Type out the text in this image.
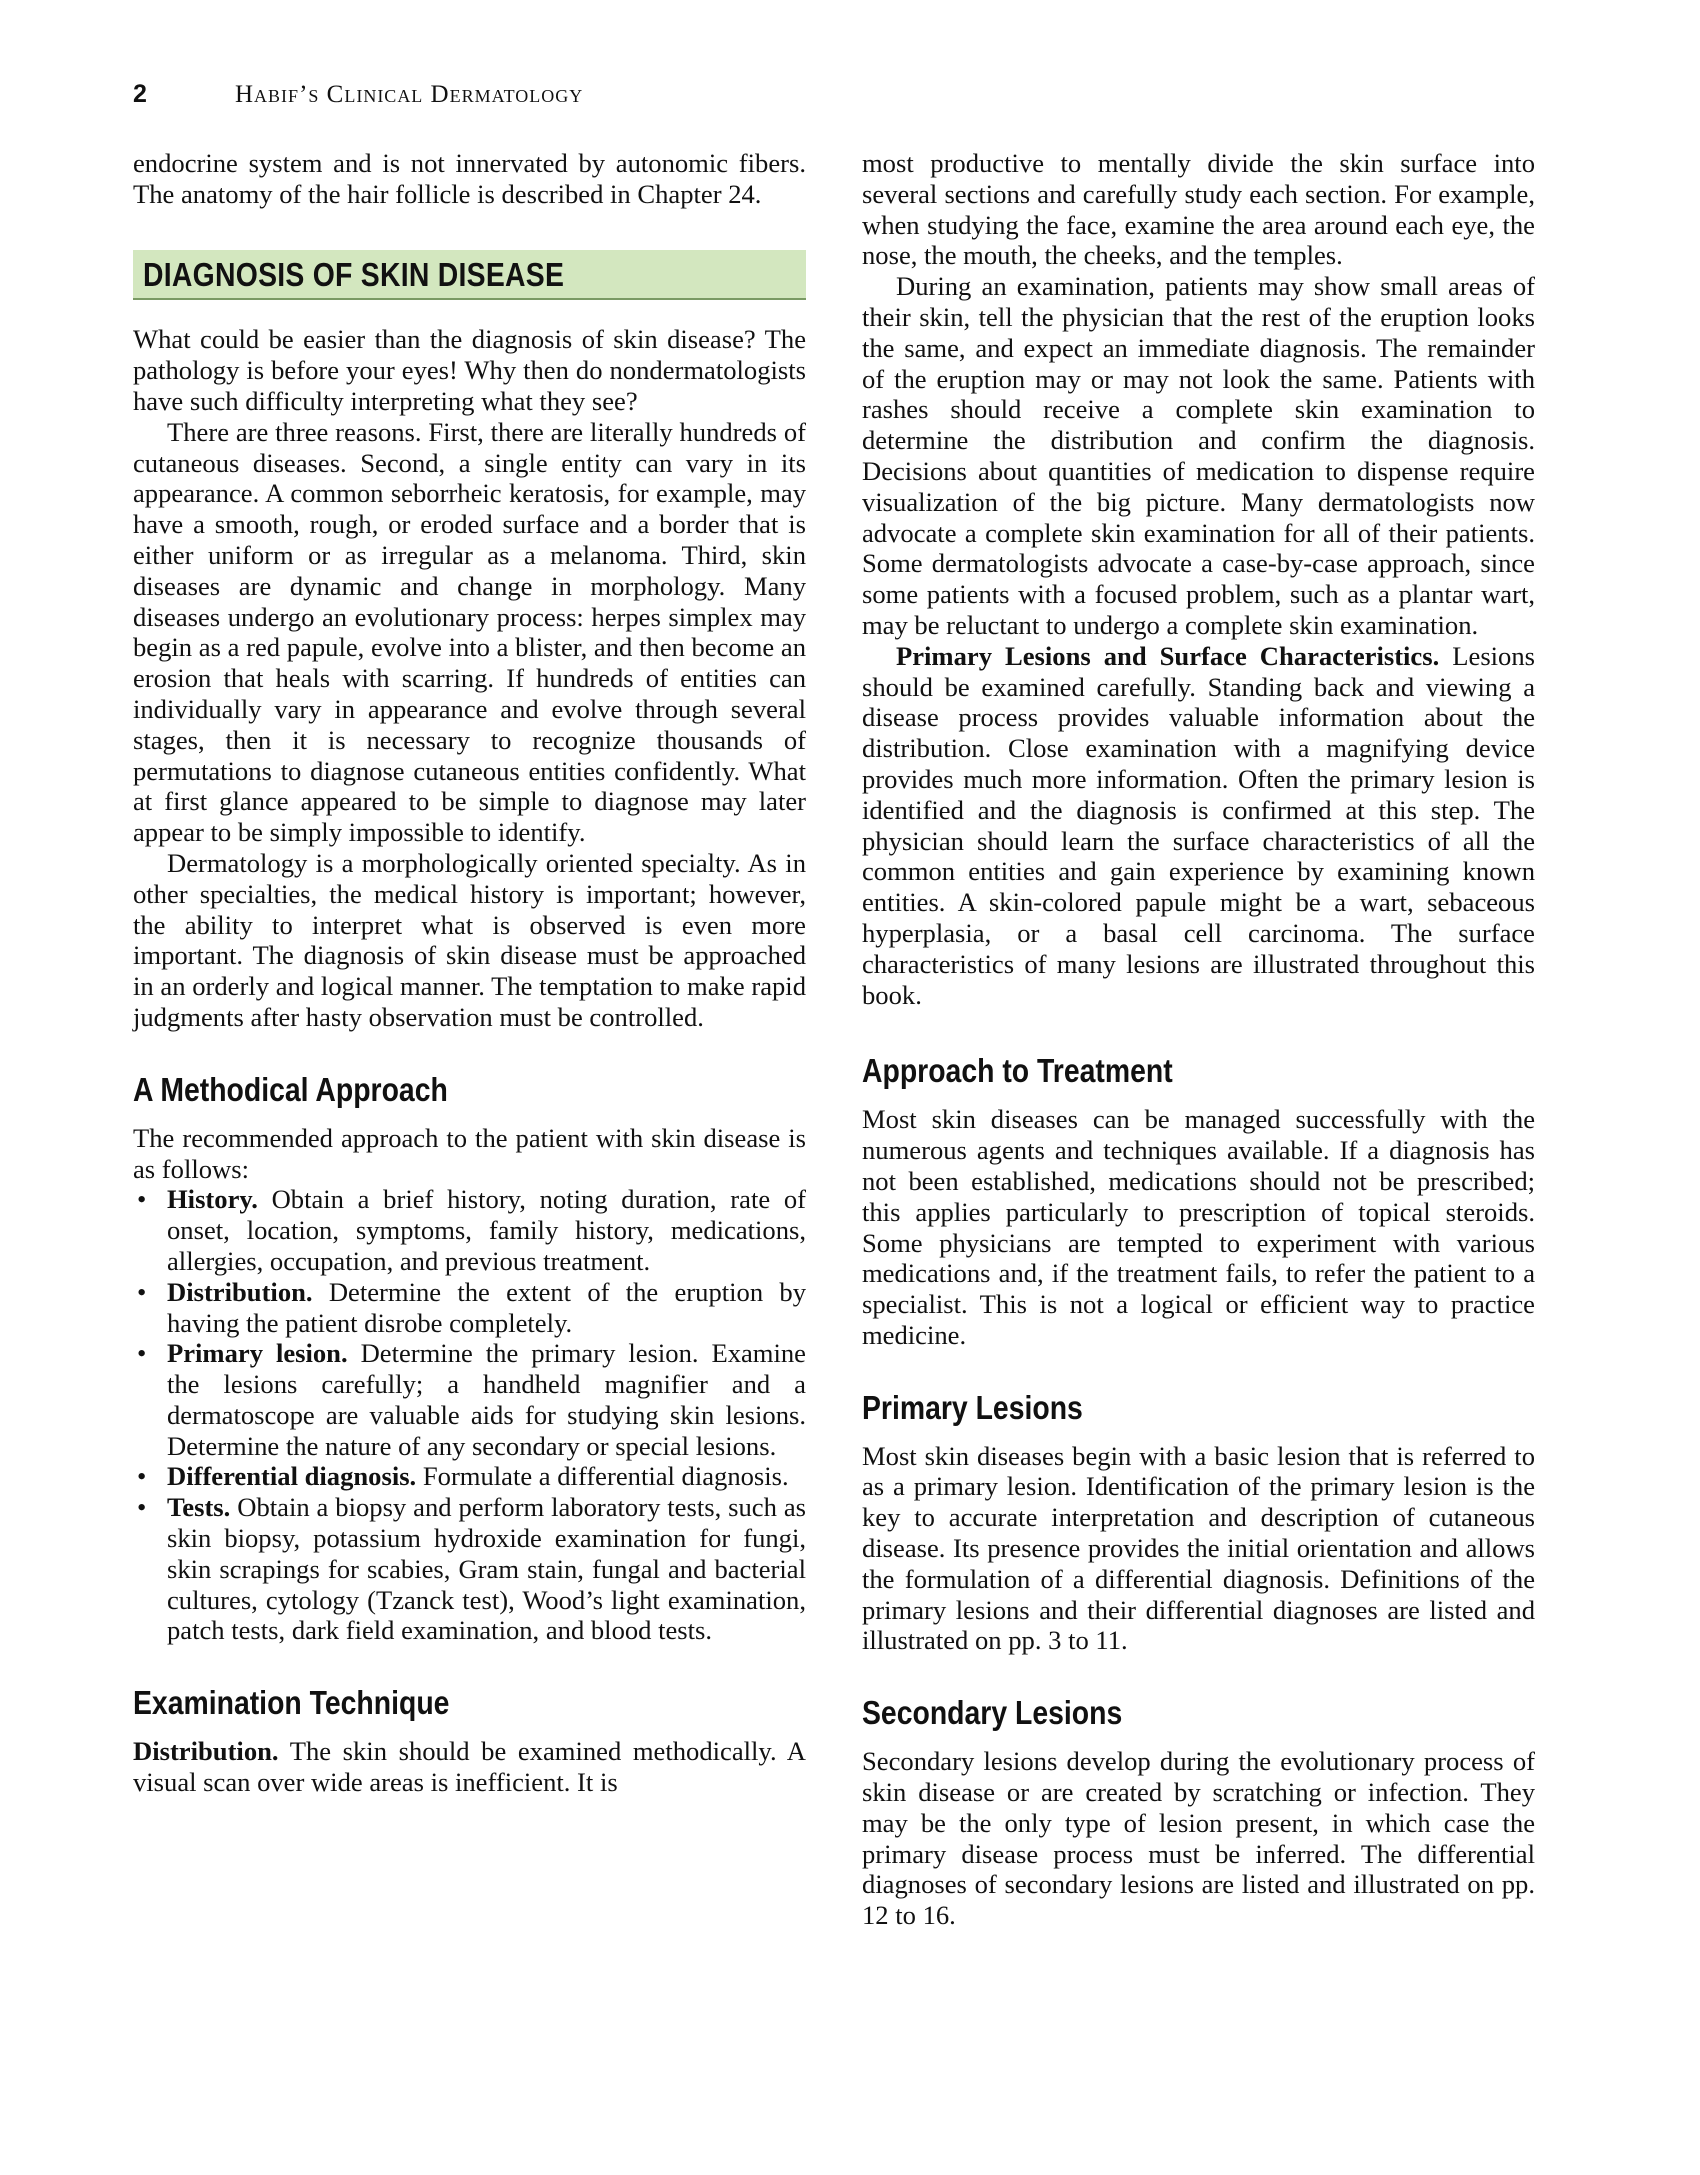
2	Habif’s Clinical Dermatology

endocrine system and is not innervated by autonomic fibers. The anatomy of the hair follicle is described in Chapter 24.

DIAGNOSIS OF SKIN DISEASE

What could be easier than the diagnosis of skin disease? The pathology is before your eyes! Why then do nondermatologists have such difficulty interpreting what they see?

There are three reasons. First, there are literally hundreds of cutaneous diseases. Second, a single entity can vary in its appearance. A common seborrheic keratosis, for example, may have a smooth, rough, or eroded surface and a border that is either uniform or as irregular as a melanoma. Third, skin diseases are dynamic and change in morphology. Many diseases undergo an evolutionary process: herpes simplex may begin as a red papule, evolve into a blister, and then become an erosion that heals with scarring. If hundreds of entities can individually vary in appearance and evolve through several stages, then it is necessary to recognize thousands of permutations to diagnose cutaneous entities confidently. What at first glance appeared to be simple to diagnose may later appear to be simply impossible to identify.

Dermatology is a morphologically oriented specialty. As in other specialties, the medical history is important; however, the ability to interpret what is observed is even more important. The diagnosis of skin disease must be approached in an orderly and logical manner. The temptation to make rapid judgments after hasty observation must be controlled.

A Methodical Approach

The recommended approach to the patient with skin disease is as follows:

• History. Obtain a brief history, noting duration, rate of onset, location, symptoms, family history, medications, allergies, occupation, and previous treatment.
• Distribution. Determine the extent of the eruption by having the patient disrobe completely.
• Primary lesion. Determine the primary lesion. Examine the lesions carefully; a handheld magnifier and a dermatoscope are valuable aids for studying skin lesions. Determine the nature of any secondary or special lesions.
• Differential diagnosis. Formulate a differential diagnosis.
• Tests. Obtain a biopsy and perform laboratory tests, such as skin biopsy, potassium hydroxide examination for fungi, skin scrapings for scabies, Gram stain, fungal and bacterial cultures, cytology (Tzanck test), Wood’s light examination, patch tests, dark field examination, and blood tests.
Examination Technique

Distribution. The skin should be examined methodically. A visual scan over wide areas is inefficient. It is

most productive to mentally divide the skin surface into several sections and carefully study each section. For example, when studying the face, examine the area around each eye, the nose, the mouth, the cheeks, and the temples.

During an examination, patients may show small areas of their skin, tell the physician that the rest of the eruption looks the same, and expect an immediate diagnosis. The remainder of the eruption may or may not look the same. Patients with rashes should receive a complete skin examination to determine the distribution and confirm the diagnosis. Decisions about quantities of medication to dispense require visualization of the big picture. Many dermatologists now advocate a complete skin examination for all of their patients. Some dermatologists advocate a case-by-case approach, since some patients with a focused problem, such as a plantar wart, may be reluctant to undergo a complete skin examination.

Primary Lesions and Surface Characteristics. Lesions should be examined carefully. Standing back and viewing a disease process provides valuable information about the distribution. Close examination with a magnifying device provides much more information. Often the primary lesion is identified and the diagnosis is confirmed at this step. The physician should learn the surface characteristics of all the common entities and gain experience by examining known entities. A skin-colored papule might be a wart, sebaceous hyperplasia, or a basal cell carcinoma. The surface characteristics of many lesions are illustrated throughout this book.

Approach to Treatment

Most skin diseases can be managed successfully with the numerous agents and techniques available. If a diagnosis has not been established, medications should not be prescribed; this applies particularly to prescription of topical steroids. Some physicians are tempted to experiment with various medications and, if the treatment fails, to refer the patient to a specialist. This is not a logical or efficient way to practice medicine.

Primary Lesions

Most skin diseases begin with a basic lesion that is referred to as a primary lesion. Identification of the primary lesion is the key to accurate interpretation and description of cutaneous disease. Its presence provides the initial orientation and allows the formulation of a differential diagnosis. Definitions of the primary lesions and their differential diagnoses are listed and illustrated on pp. 3 to 11.

Secondary Lesions

Secondary lesions develop during the evolutionary process of skin disease or are created by scratching or infection. They may be the only type of lesion present, in which case the primary disease process must be inferred. The differential diagnoses of secondary lesions are listed and illustrated on pp. 12 to 16.
